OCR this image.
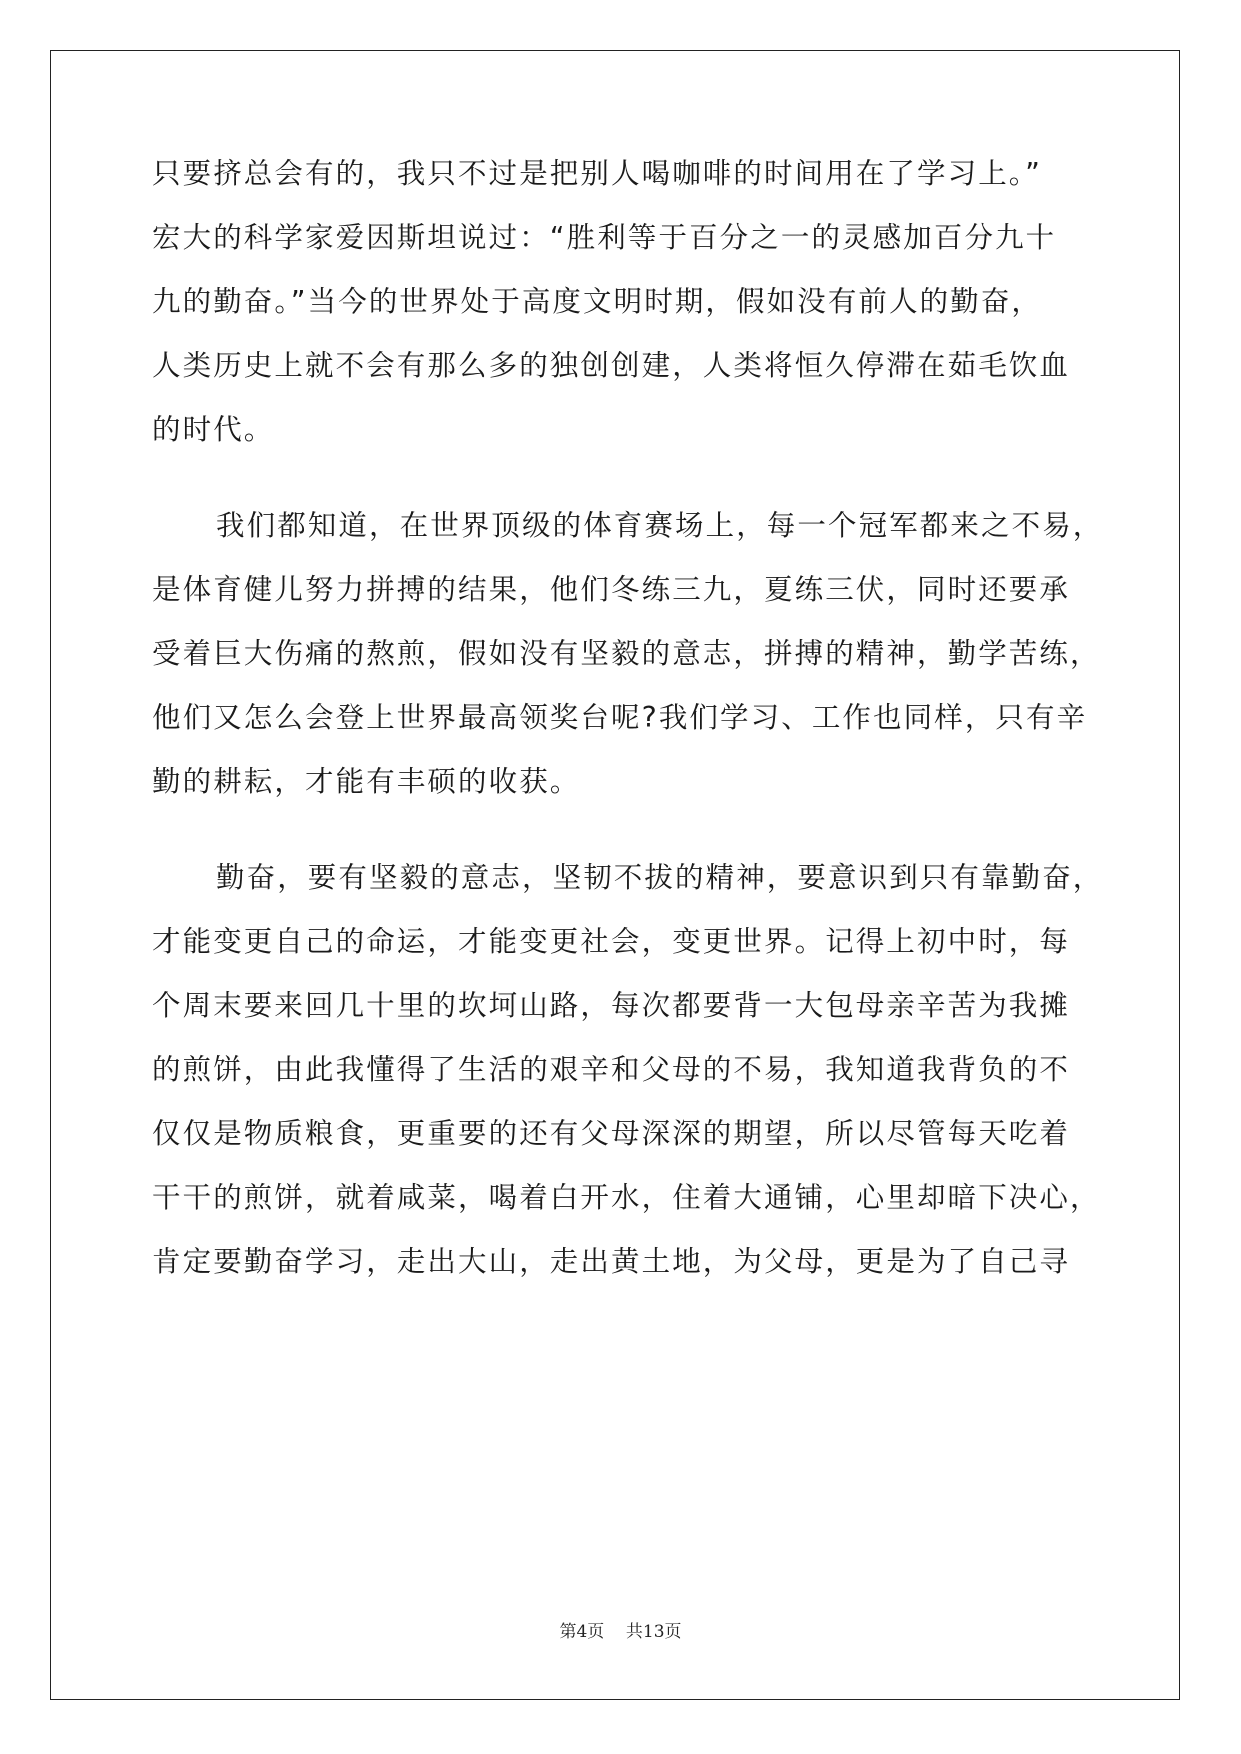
只要挤总会有的，我只不过是把别人喝咖啡的时间用在了学习上。”
宏大的科学家爱因斯坦说过：“胜利等于百分之一的灵感加百分九十
九的勤奋。”当今的世界处于高度文明时期，假如没有前人的勤奋，
人类历史上就不会有那么多的独创创建，人类将恒久停滞在茹毛饮血
的时代。
我们都知道，在世界顶级的体育赛场上，每一个冠军都来之不易，
是体育健儿努力拼搏的结果，他们冬练三九，夏练三伏，同时还要承
受着巨大伤痛的熬煎，假如没有坚毅的意志，拼搏的精神，勤学苦练，
他们又怎么会登上世界最高领奖台呢?我们学习、工作也同样，只有辛
勤的耕耘，才能有丰硕的收获。
勤奋，要有坚毅的意志，坚韧不拔的精神，要意识到只有靠勤奋，
才能变更自己的命运，才能变更社会，变更世界。记得上初中时，每
个周末要来回几十里的坎坷山路，每次都要背一大包母亲辛苦为我摊
的煎饼，由此我懂得了生活的艰辛和父母的不易，我知道我背负的不
仅仅是物质粮食，更重要的还有父母深深的期望，所以尽管每天吃着
干干的煎饼，就着咸菜，喝着白开水，住着大通铺，心里却暗下决心，
肯定要勤奋学习，走出大山，走出黄土地，为父母，更是为了自己寻
第4页 共13页
